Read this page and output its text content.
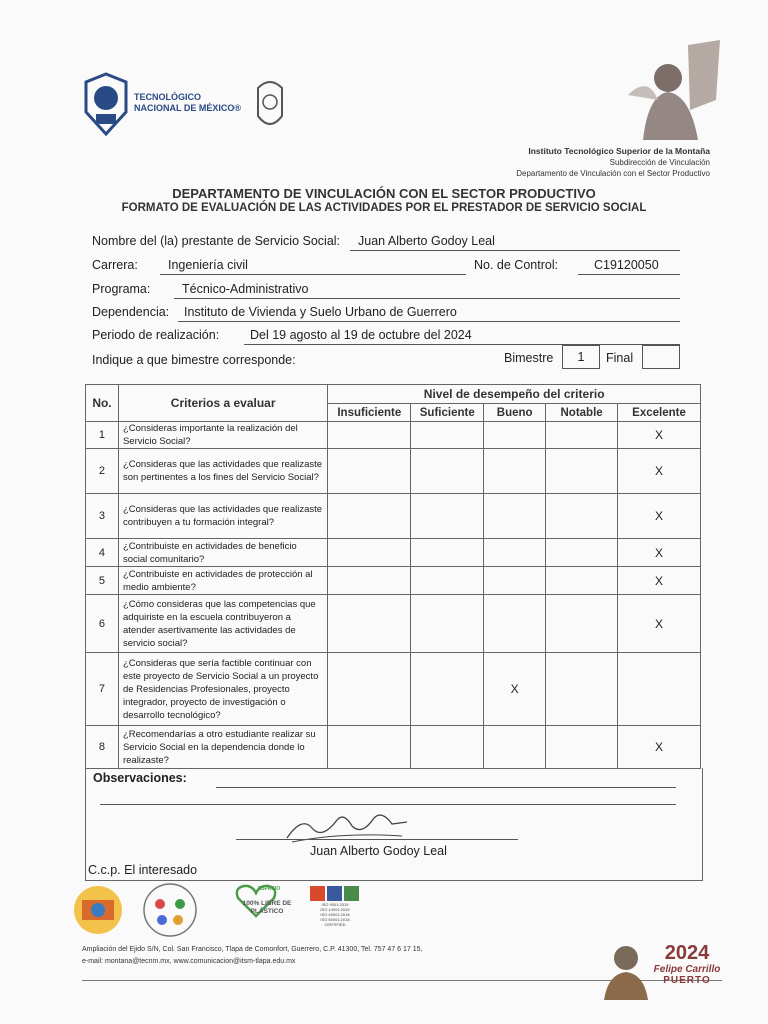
TECNOLÓGICO
NACIONAL DE MÉXICO®
Instituto Tecnológico Superior de la Montaña
Subdirección de Vinculación
Departamento de Vinculación con el Sector Productivo
DEPARTAMENTO DE VINCULACIÓN CON EL SECTOR PRODUCTIVO
FORMATO DE EVALUACIÓN DE LAS ACTIVIDADES POR EL PRESTADOR DE SERVICIO SOCIAL
Nombre del (la) prestante de Servicio Social: Juan Alberto Godoy Leal
Carrera: Ingeniería civil	No. de Control:	C19120050
Programa:	Técnico-Administrativo
Dependencia: Instituto de Vivienda y Suelo Urbano de Guerrero
Periodo de realización: Del 19 agosto al 19 de octubre del 2024
Indique a que bimestre corresponde:	Bimestre	1	Final
No.	Criterios a evaluar	Nivel de desempeño del criterio				
		Insuficiente	Suficiente	Bueno	Notable	Excelente
1	¿Consideras importante la realización del Servicio Social?					X
2	¿Consideras que las actividades que realizaste son pertinentes a los fines del Servicio Social?					X
3	¿Consideras que las actividades que realizaste contribuyen a tu formación integral?					X
4	¿Contribuiste en actividades de beneficio social comunitario?					X
5	¿Contribuiste en actividades de protección al medio ambiente?					X
6	¿Cómo consideras que las competencias que adquiriste en la escuela contribuyeron a atender asertivamente las actividades de servicio social?					X
7	¿Consideras que sería factible continuar con este proyecto de Servicio Social a un proyecto de Residencias Profesionales, proyecto integrador, proyecto de investigación o desarrollo tecnológico?			X		
8	¿Recomendarías a otro estudiante realizar su Servicio Social en la dependencia donde lo realizaste?					X
Observaciones:
Juan Alberto Godoy Leal
C.c.p. El interesado
ESPACIO
100% LIBRE DE PLÁSTICO
ISO 9001:2015
ISO 14001:2015
ISO 45001:2018
ISO 50001:2018
CERTIFIED
Ampliación del Ejido S/N, Col. San Francisco, Tlapa de Comonfort, Guerrero, C.P. 41300, Tel. 757 47 6 17 15,
e-mail: montana@tecnm.mx, www.comunicacion@itsm-tlapa.edu.mx	2024
Felipe Carrillo
PUERTO
